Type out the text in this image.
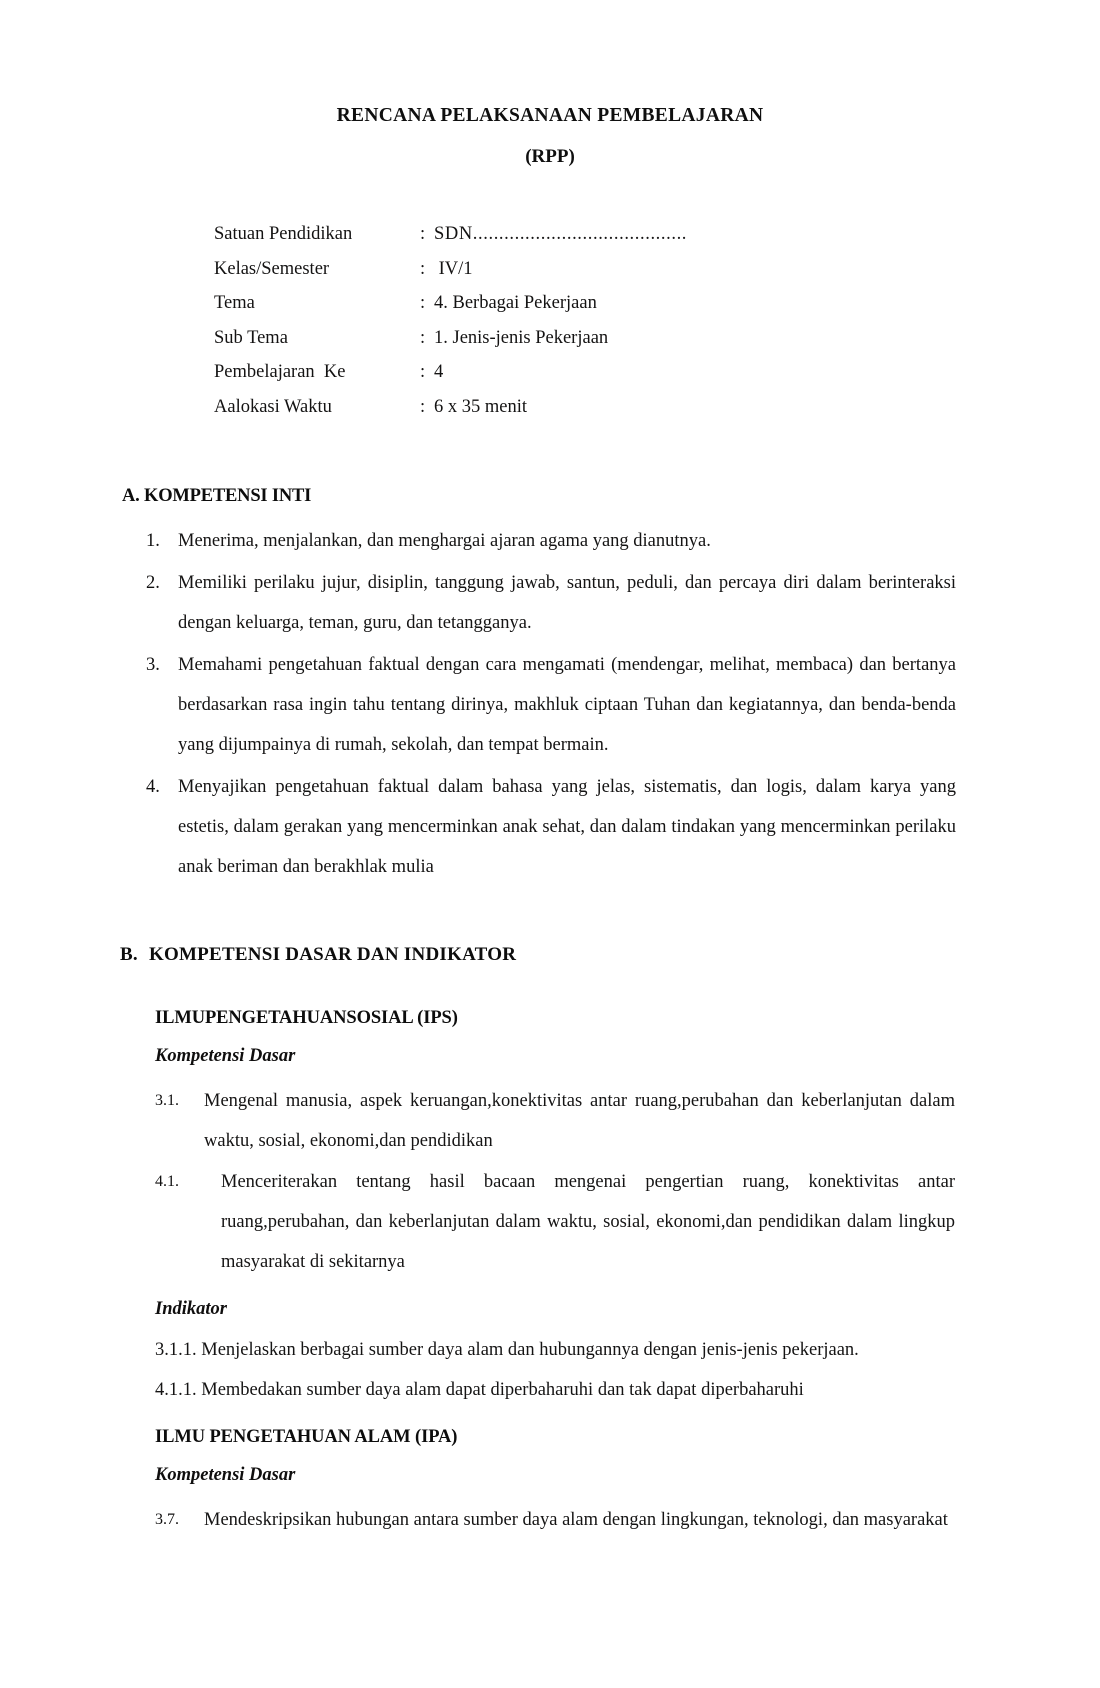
RENCANA PELAKSANAAN PEMBELAJARAN
(RPP)
Satuan Pendidikan	: SDN.........................................
Kelas/Semester	: IV/1
Tema	: 4. Berbagai Pekerjaan
Sub Tema	: 1. Jenis-jenis Pekerjaan
Pembelajaran  Ke	: 4
Aalokasi Waktu	: 6 x 35 menit
A. KOMPETENSI INTI
1. Menerima, menjalankan, dan menghargai ajaran agama yang dianutnya.
2. Memiliki perilaku jujur, disiplin, tanggung jawab, santun, peduli, dan percaya diri dalam berinteraksi dengan keluarga, teman, guru, dan tetangganya.
3. Memahami pengetahuan faktual dengan cara mengamati (mendengar, melihat, membaca) dan bertanya berdasarkan rasa ingin tahu tentang dirinya, makhluk ciptaan Tuhan dan kegiatannya, dan benda-benda yang dijumpainya di rumah, sekolah, dan tempat bermain.
4. Menyajikan pengetahuan faktual dalam bahasa yang jelas, sistematis, dan logis, dalam karya yang estetis, dalam gerakan yang mencerminkan anak sehat, dan dalam tindakan yang mencerminkan perilaku anak beriman dan berakhlak mulia
B. KOMPETENSI DASAR DAN INDIKATOR
ILMUPENGETAHUANSOSIAL (IPS)
Kompetensi Dasar
3.1.	Mengenal manusia, aspek keruangan,konektivitas antar ruang,perubahan dan keberlanjutan dalam waktu, sosial, ekonomi,dan pendidikan
4.1.	Menceriterakan tentang hasil bacaan mengenai pengertian ruang, konektivitas antar ruang,perubahan, dan keberlanjutan dalam waktu, sosial, ekonomi,dan pendidikan dalam lingkup masyarakat di sekitarnya
Indikator
3.1.1. Menjelaskan berbagai sumber daya alam dan hubungannya dengan jenis-jenis pekerjaan.
4.1.1. Membedakan sumber daya alam dapat diperbaharuhi dan tak dapat diperbaharuhi
ILMU PENGETAHUAN ALAM (IPA)
Kompetensi Dasar
3.7.	Mendeskripsikan hubungan antara sumber daya alam dengan lingkungan, teknologi, dan masyarakat
